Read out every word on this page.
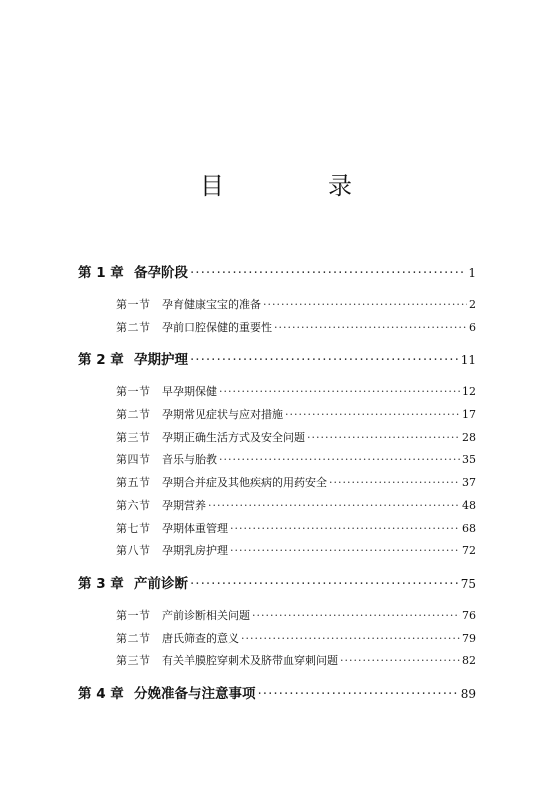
目　录
第 1 章 备孕阶段 ·····	1
第一节	孕育健康宝宝的准备 ·····	2
第二节	孕前口腔保健的重要性 ·····	6
第 2 章 孕期护理 ·····	11
第一节	早孕期保健 ·····	12
第二节	孕期常见症状与应对措施 ·····	17
第三节	孕期正确生活方式及安全问题 ·····	28
第四节	音乐与胎教 ·····	35
第五节	孕期合并症及其他疾病的用药安全 ·····	37
第六节	孕期营养 ·····	48
第七节	孕期体重管理 ·····	68
第八节	孕期乳房护理 ·····	72
第 3 章 产前诊断 ·····	75
第一节	产前诊断相关问题 ·····	76
第二节	唐氏筛查的意义 ·····	79
第三节	有关羊膜腔穿刺术及脐带血穿刺问题 ·····	82
第 4 章 分娩准备与注意事项 ·····	89
